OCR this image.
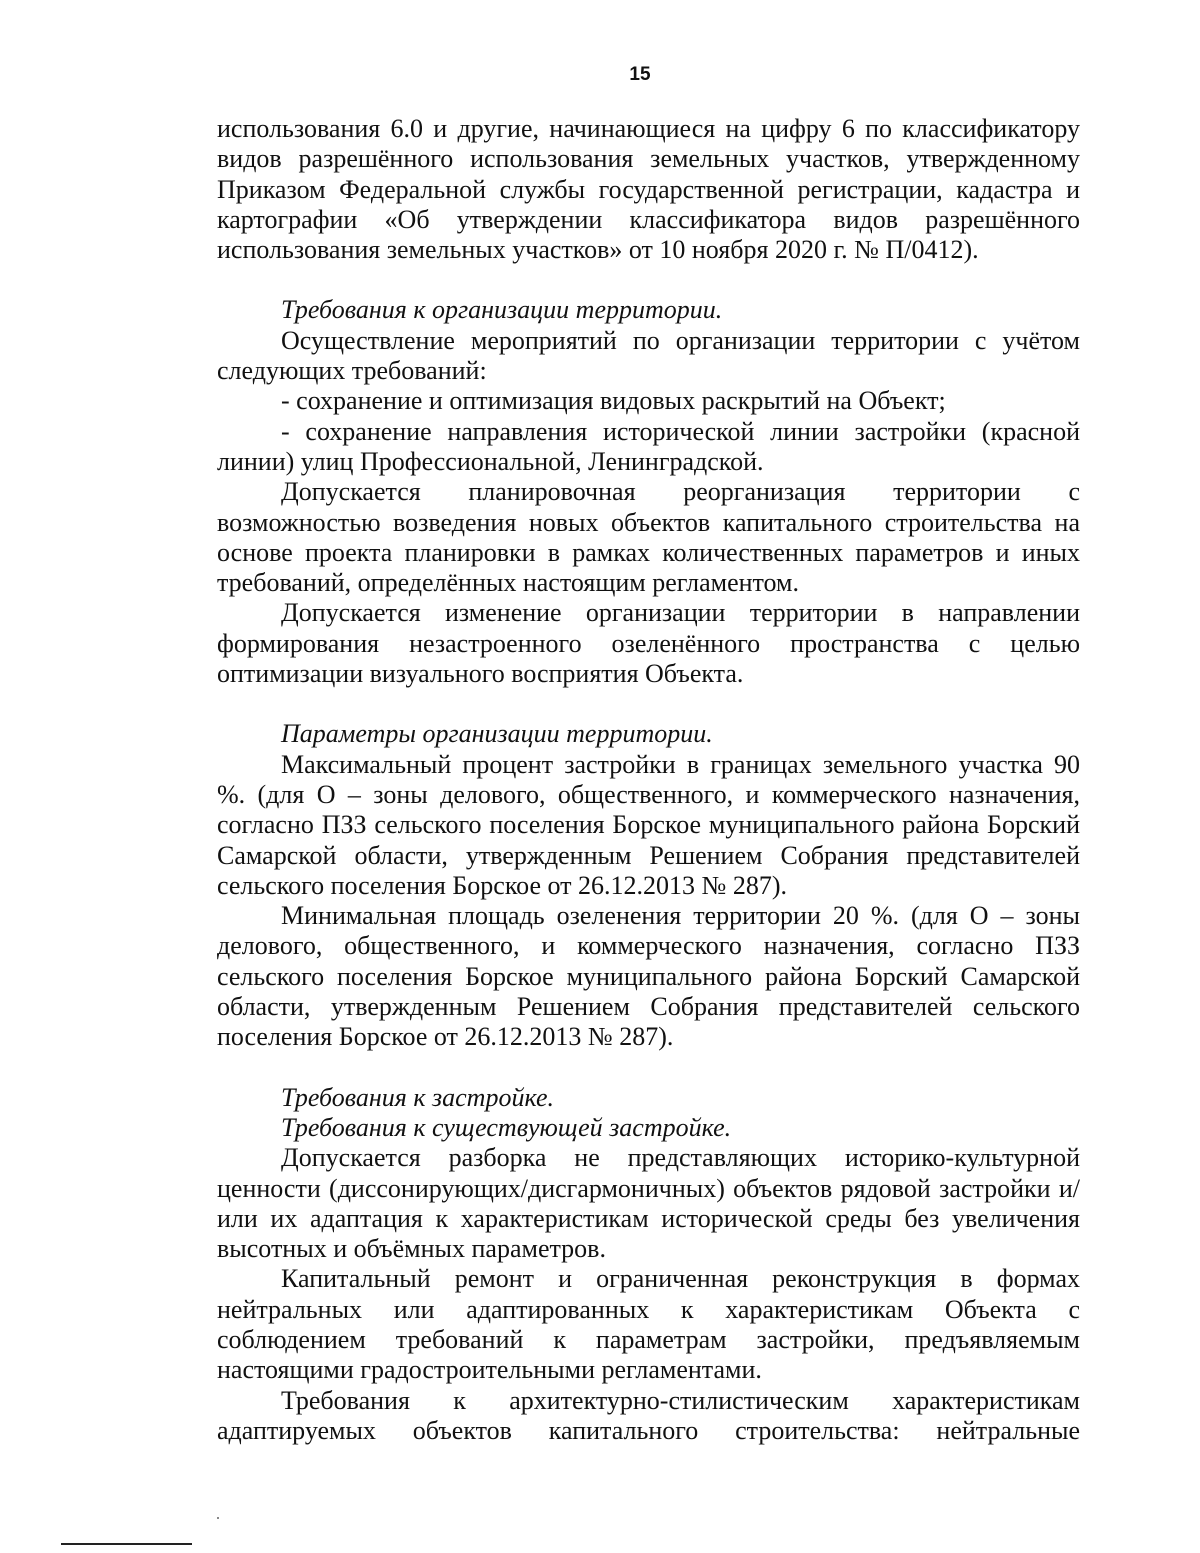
15

использования 6.0 и другие, начинающиеся на цифру 6 по классификатору видов разрешённого использования земельных участков, утвержденному Приказом Федеральной службы государственной регистрации, кадастра и картографии «Об утверждении классификатора видов разрешённого использования земельных участков» от 10 ноября 2020 г. № П/0412).

Требования к организации территории.

Осуществление мероприятий по организации территории с учётом следующих требований:

- сохранение и оптимизация видовых раскрытий на Объект;

- сохранение направления исторической линии застройки (красной линии) улиц Профессиональной, Ленинградской.

Допускается планировочная реорганизация территории с возможностью возведения новых объектов капитального строительства на основе проекта планировки в рамках количественных параметров и иных требований, определённых настоящим регламентом.

Допускается изменение организации территории в направлении формирования незастроенного озеленённого пространства с целью оптимизации визуального восприятия Объекта.

Параметры организации территории.

Максимальный процент застройки в границах земельного участка 90 %. (для О – зоны делового, общественного, и коммерческого назначения, согласно ПЗЗ сельского поселения Борское муниципального района Борский Самарской области, утвержденным Решением Собрания представителей сельского поселения Борское от 26.12.2013 № 287).

Минимальная площадь озеленения территории 20 %. (для О – зоны делового, общественного, и коммерческого назначения, согласно ПЗЗ сельского поселения Борское муниципального района Борский Самарской области, утвержденным Решением Собрания представителей сельского поселения Борское от 26.12.2013 № 287).

Требования к застройке.

Требования к существующей застройке.

Допускается разборка не представляющих историко-культурной ценности (диссонирующих/дисгармоничных) объектов рядовой застройки и/или их адаптация к характеристикам исторической среды без увеличения высотных и объёмных параметров.

Капитальный ремонт и ограниченная реконструкция в формах нейтральных или адаптированных к характеристикам Объекта с соблюдением требований к параметрам застройки, предъявляемым настоящими градостроительными регламентами.

Требования к архитектурно-стилистическим характеристикам адаптируемых объектов капитального строительства: нейтральные
